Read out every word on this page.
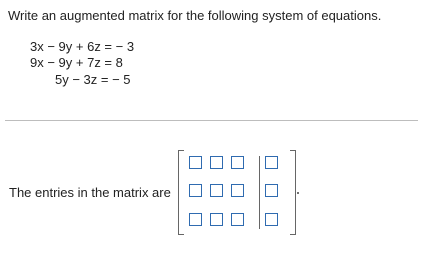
Write an augmented matrix for the following system of equations.
3x − 9y + 6z = − 3
9x − 9y + 7z = 8
5y − 3z = − 5
The entries in the matrix are
